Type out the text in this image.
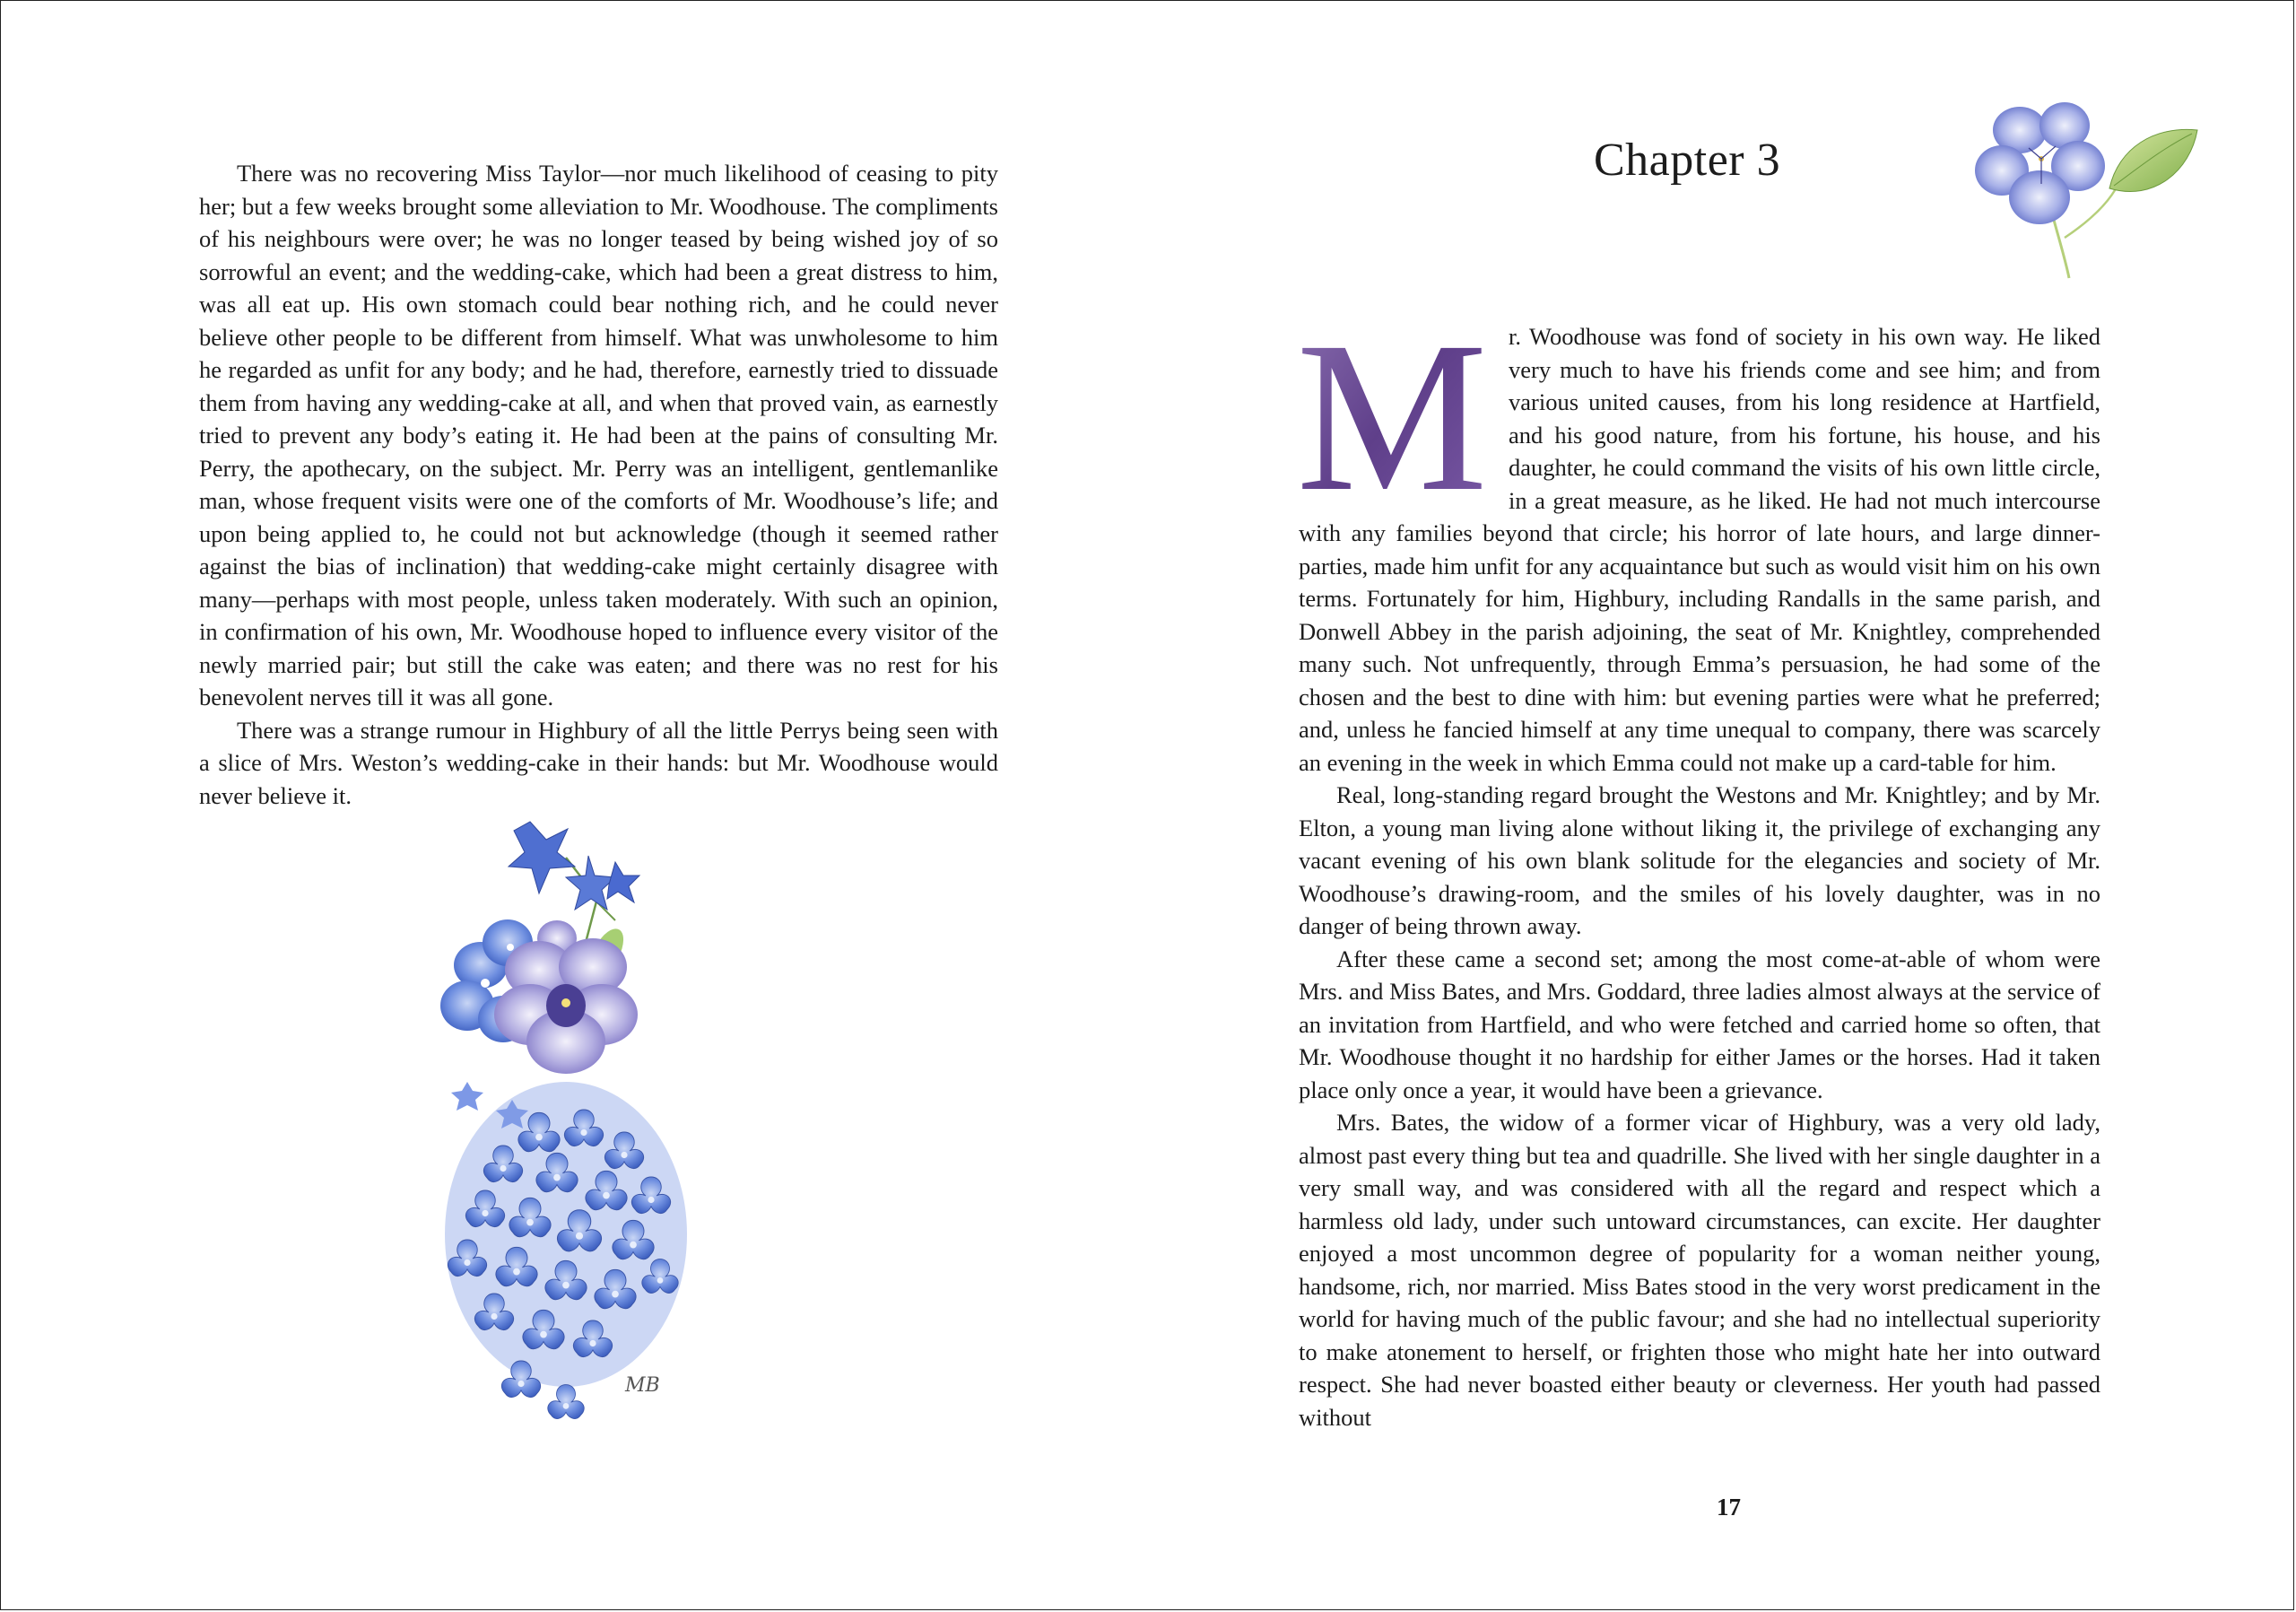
There was no recovering Miss Taylor—nor much likelihood of ceasing to pity her; but a few weeks brought some alleviation to Mr. Woodhouse. The compliments of his neighbours were over; he was no longer teased by being wished joy of so sorrowful an event; and the wedding-cake, which had been a great distress to him, was all eat up. His own stomach could bear nothing rich, and he could never believe other people to be different from himself. What was unwholesome to him he regarded as unfit for any body; and he had, therefore, earnestly tried to dissuade them from having any wedding-cake at all, and when that proved vain, as earnestly tried to prevent any body’s eating it. He had been at the pains of consulting Mr. Perry, the apothecary, on the subject. Mr. Perry was an intelligent, gentlemanlike man, whose frequent visits were one of the comforts of Mr. Woodhouse’s life; and upon being applied to, he could not but acknowledge (though it seemed rather against the bias of inclination) that wedding-cake might certainly disagree with many—perhaps with most people, unless taken moderately. With such an opinion, in confirmation of his own, Mr. Woodhouse hoped to influence every visitor of the newly married pair; but still the cake was eaten; and there was no rest for his benevolent nerves till it was all gone.

There was a strange rumour in Highbury of all the little Perrys being seen with a slice of Mrs. Weston’s wedding-cake in their hands: but Mr. Woodhouse would never believe it.

MB
Chapter 3

M r. Woodhouse was fond of society in his own way. He liked very much to have his friends come and see him; and from various united causes, from his long residence at Hartfield, and his good nature, from his fortune, his house, and his daughter, he could command the visits of his own little circle, in a great measure, as he liked. He had not much intercourse with any families beyond that circle; his horror of late hours, and large dinner-parties, made him unfit for any acquaintance but such as would visit him on his own terms. Fortunately for him, Highbury, including Randalls in the same parish, and Donwell Abbey in the parish adjoining, the seat of Mr. Knightley, comprehended many such. Not unfrequently, through Emma’s persuasion, he had some of the chosen and the best to dine with him: but evening parties were what he preferred; and, unless he fancied himself at any time unequal to company, there was scarcely an evening in the week in which Emma could not make up a card-table for him.

Real, long-standing regard brought the Westons and Mr. Knightley; and by Mr. Elton, a young man living alone without liking it, the privilege of exchanging any vacant evening of his own blank solitude for the elegancies and society of Mr. Woodhouse’s drawing-room, and the smiles of his lovely daughter, was in no danger of being thrown away.

After these came a second set; among the most come-at-able of whom were Mrs. and Miss Bates, and Mrs. Goddard, three ladies almost always at the service of an invitation from Hartfield, and who were fetched and carried home so often, that Mr. Woodhouse thought it no hardship for either James or the horses. Had it taken place only once a year, it would have been a grievance.

Mrs. Bates, the widow of a former vicar of Highbury, was a very old lady, almost past every thing but tea and quadrille. She lived with her single daughter in a very small way, and was considered with all the regard and respect which a harmless old lady, under such untoward circumstances, can excite. Her daughter enjoyed a most uncommon degree of popularity for a woman neither young, handsome, rich, nor married. Miss Bates stood in the very worst predicament in the world for having much of the public favour; and she had no intellectual superiority to make atonement to herself, or frighten those who might hate her into outward respect. She had never boasted either beauty or cleverness. Her youth had passed without

17
